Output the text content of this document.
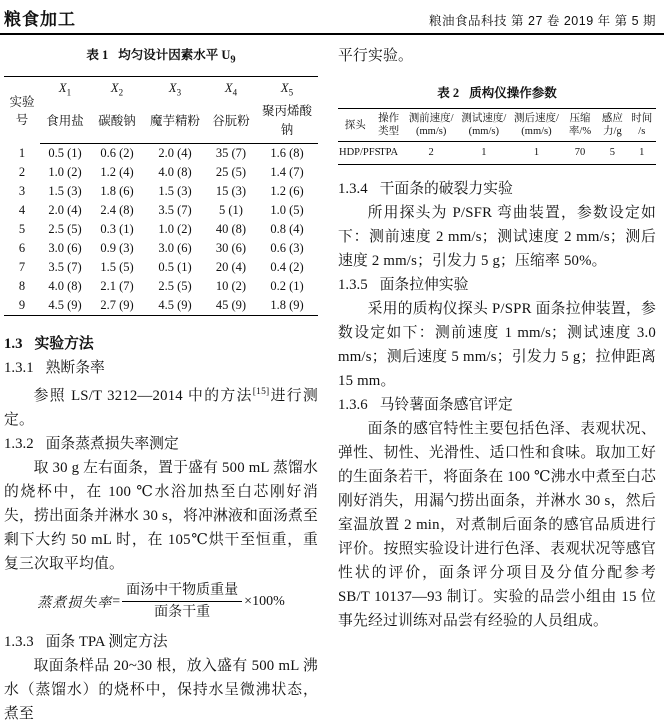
粮食加工	粮油食品科技 第 27 卷 2019 年 第 5 期
表 1 均匀设计因素水平 $U_9$
实验
号	$X_1$	$X_2$	$X_3$	$X_4$	$X_5$
	食用盐	碳酸钠	魔芋精粉	谷朊粉	聚丙烯酸钠
1	0.5 (1)	0.6 (2)	2.0 (4)	35 (7)	1.6 (8)
2	1.0 (2)	1.2 (4)	4.0 (8)	25 (5)	1.4 (7)
3	1.5 (3)	1.8 (6)	1.5 (3)	15 (3)	1.2 (6)
4	2.0 (4)	2.4 (8)	3.5 (7)	5 (1)	1.0 (5)
5	2.5 (5)	0.3 (1)	1.0 (2)	40 (8)	0.8 (4)
6	3.0 (6)	0.9 (3)	3.0 (6)	30 (6)	0.6 (3)
7	3.5 (7)	1.5 (5)	0.5 (1)	20 (4)	0.4 (2)
8	4.0 (8)	2.1 (7)	2.5 (5)	10 (2)	0.2 (1)
9	4.5 (9)	2.7 (9)	4.5 (9)	45 (9)	1.8 (9)
1.3 实验方法
1.3.1 熟断条率

参照 LS/T 3212—2014 中的方法[15]进行测定。

1.3.2 面条蒸煮损失率测定

取 30 g 左右面条，置于盛有 500 mL 蒸馏水的烧杯中，在 100 ℃水浴加热至白芯刚好消失，捞出面条并淋水 30 s，将冲淋液和面汤煮至剩下大约 50 mL 时，在 105℃烘干至恒重，重复三次取平均值。

蒸煮损失率 = $\frac{\text{面汤中干物质重量}}{\text{面条干重}} \times 100\%$
1.3.3 面条 TPA 测定方法

取面条样品 20~30 根，放入盛有 500 mL 沸水（蒸馏水）的烧杯中，保持水呈微沸状态，煮至

平行实验。

表 2 质构仪操作参数
探头	操作类型	测前速度/ (mm/s)	测试速度/ (mm/s)	测后速度/ (mm/s)	压缩率/%	感应力/g	时间 /s
HDP/PFS	TPA	2	1	1	70	5	1
1.3.4 干面条的破裂力实验

所用探头为 P/SFR 弯曲装置，参数设定如下：测前速度 2 mm/s；测试速度 2 mm/s；测后速度 2 mm/s；引发力 5 g；压缩率 50%。

1.3.5 面条拉伸实验

采用的质构仪探头 P/SPR 面条拉伸装置，参数设定如下：测前速度 1 mm/s；测试速度 3.0 mm/s；测后速度 5 mm/s；引发力 5 g；拉伸距离 15 mm。

1.3.6 马铃薯面条感官评定

面条的感官特性主要包括色泽、表观状况、弹性、韧性、光滑性、适口性和食味。取加工好的生面条若干，将面条在 100 ℃沸水中煮至白芯刚好消失，用漏勺捞出面条，并淋水 30 s，然后室温放置 2 min，对煮制后面条的感官品质进行评价。按照实验设计进行色泽、表观状况等感官性状的评价，面条评分项目及分值分配参考 SB/T 10137—93 制订。实验的品尝小组由 15 位事先经过训练对品尝有经验的人员组成。
